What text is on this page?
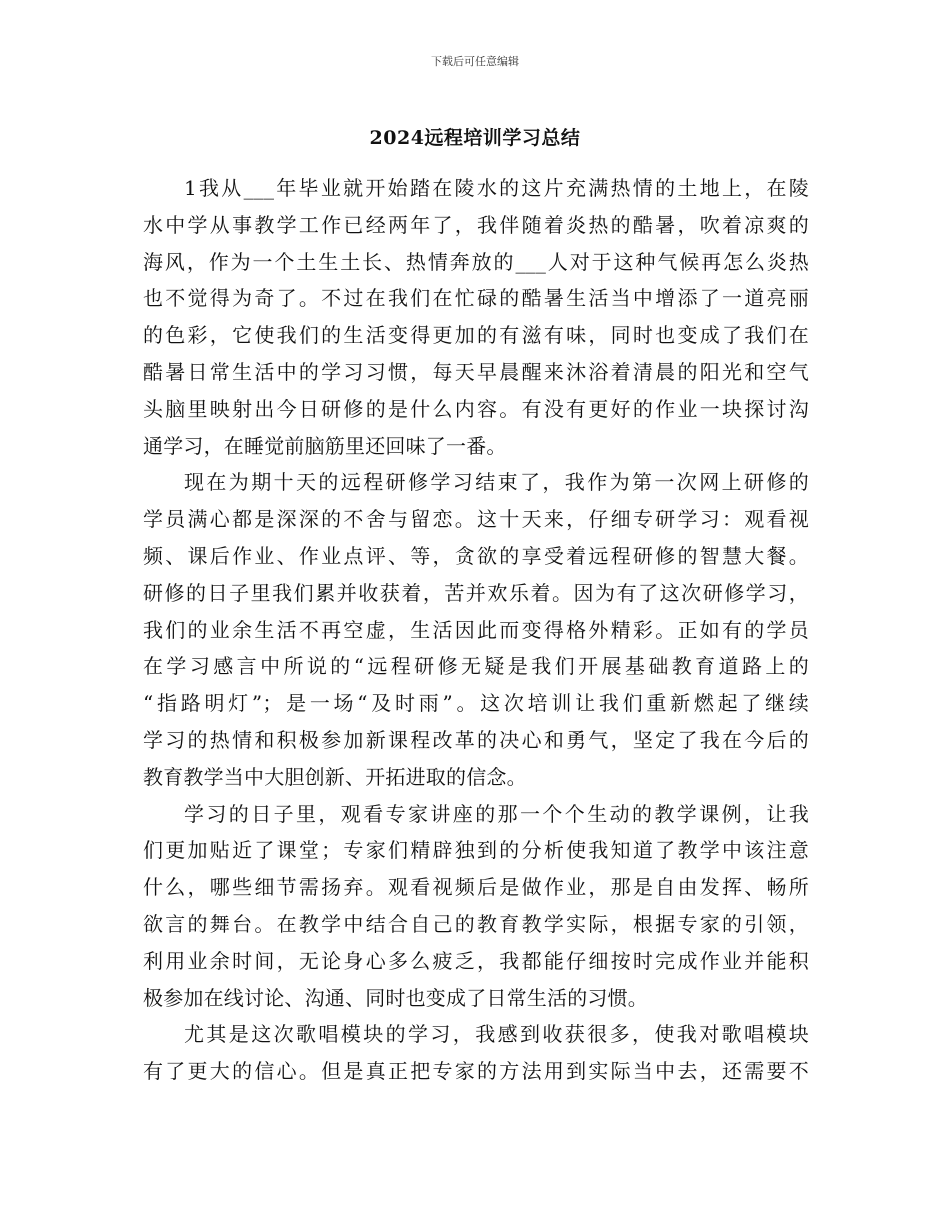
下载后可任意编辑
2024远程培训学习总结
1我从___年毕业就开始踏在陵水的这片充满热情的土地上，在陵
水中学从事教学工作已经两年了，我伴随着炎热的酷暑，吹着凉爽的
海风，作为一个土生土长、热情奔放的___人对于这种气候再怎么炎热
也不觉得为奇了。不过在我们在忙碌的酷暑生活当中增添了一道亮丽
的色彩，它使我们的生活变得更加的有滋有味，同时也变成了我们在
酷暑日常生活中的学习习惯，每天早晨醒来沐浴着清晨的阳光和空气
头脑里映射出今日研修的是什么内容。有没有更好的作业一块探讨沟
通学习，在睡觉前脑筋里还回味了一番。
现在为期十天的远程研修学习结束了，我作为第一次网上研修的
学员满心都是深深的不舍与留恋。这十天来，仔细专研学习：观看视
频、课后作业、作业点评、等，贪欲的享受着远程研修的智慧大餐。
研修的日子里我们累并收获着，苦并欢乐着。因为有了这次研修学习，
我们的业余生活不再空虚，生活因此而变得格外精彩。正如有的学员
在学习感言中所说的“远程研修无疑是我们开展基础教育道路上的
“指路明灯”；是一场“及时雨”。这次培训让我们重新燃起了继续
学习的热情和积极参加新课程改革的决心和勇气，坚定了我在今后的
教育教学当中大胆创新、开拓进取的信念。
学习的日子里，观看专家讲座的那一个个生动的教学课例，让我
们更加贴近了课堂；专家们精辟独到的分析使我知道了教学中该注意
什么，哪些细节需扬弃。观看视频后是做作业，那是自由发挥、畅所
欲言的舞台。在教学中结合自己的教育教学实际，根据专家的引领，
利用业余时间，无论身心多么疲乏，我都能仔细按时完成作业并能积
极参加在线讨论、沟通、同时也变成了日常生活的习惯。
尤其是这次歌唱模块的学习，我感到收获很多，使我对歌唱模块
有了更大的信心。但是真正把专家的方法用到实际当中去，还需要不
